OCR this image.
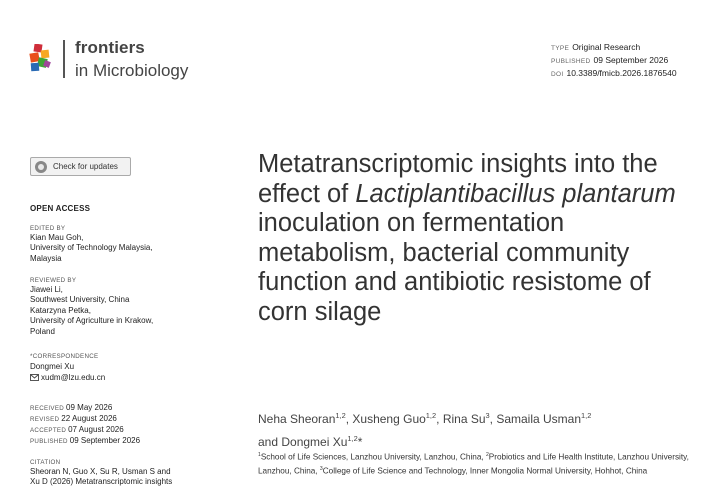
frontiers
in Microbiology
TYPE Original Research
PUBLISHED 09 September 2026
DOI 10.3389/fmicb.2026.1876540
Check for updates
OPEN ACCESS
EDITED BY
Kian Mau Goh,
University of Technology Malaysia,
Malaysia
REVIEWED BY
Jiawei Li,
Southwest University, China
Katarzyna Petka,
University of Agriculture in Krakow,
Poland
*CORRESPONDENCE
Dongmei Xu
xudm@lzu.edu.cn
RECEIVED 09 May 2026
REVISED 22 August 2026
ACCEPTED 07 August 2026
PUBLISHED 09 September 2026
CITATION
Sheoran N, Guo X, Su R, Usman S and
Xu D (2026) Metatranscriptomic insights
Metatranscriptomic insights into the effect of Lactiplantibacillus plantarum inoculation on fermentation metabolism, bacterial community function and antibiotic resistome of corn silage
Neha Sheoran$^{1,2}$, Xusheng Guo$^{1,2}$, Rina Su$^3$, Samaila Usman$^{1,2}$
and Dongmei Xu$^{1,2}$*
$^1$School of Life Sciences, Lanzhou University, Lanzhou, China, $^2$Probiotics and Life Health Institute, Lanzhou University, Lanzhou, China, $^3$College of Life Science and Technology, Inner Mongolia Normal University, Hohhot, China
